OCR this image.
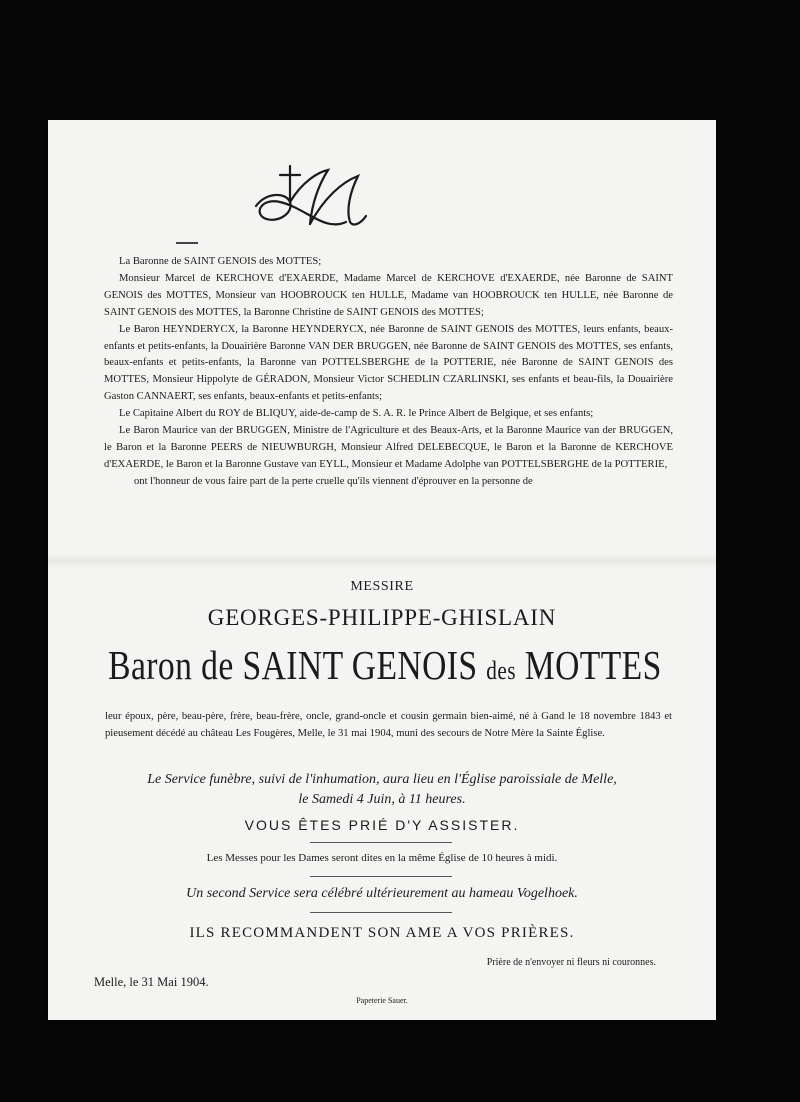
La Baronne de SAINT GENOIS des MOTTES;

Monsieur Marcel de KERCHOVE d'EXAERDE, Madame Marcel de KERCHOVE d'EXAERDE, née Baronne de SAINT GENOIS des MOTTES, Monsieur van HOOBROUCK ten HULLE, Madame van HOOBROUCK ten HULLE, née Baronne de SAINT GENOIS des MOTTES, la Baronne Christine de SAINT GENOIS des MOTTES;

Le Baron HEYNDERYCX, la Baronne HEYNDERYCX, née Baronne de SAINT GENOIS des MOTTES, leurs enfants, beaux-enfants et petits-enfants, la Douairière Baronne VAN DER BRUGGEN, née Baronne de SAINT GENOIS des MOTTES, ses enfants, beaux-enfants et petits-enfants, la Baronne van POTTELSBERGHE de la POTTERIE, née Baronne de SAINT GENOIS des MOTTES, Monsieur Hippolyte de GÉRADON, Monsieur Victor SCHEDLIN CZARLINSKI, ses enfants et beau-fils, la Douairière Gaston CANNAERT, ses enfants, beaux-enfants et petits-enfants;

Le Capitaine Albert du ROY de BLIQUY, aide-de-camp de S. A. R. le Prince Albert de Belgique, et ses enfants;

Le Baron Maurice van der BRUGGEN, Ministre de l'Agriculture et des Beaux-Arts, et la Baronne Maurice van der BRUGGEN, le Baron et la Baronne PEERS de NIEUWBURGH, Monsieur Alfred DELEBECQUE, le Baron et la Baronne de KERCHOVE d'EXAERDE, le Baron et la Baronne Gustave van EYLL, Monsieur et Madame Adolphe van POTTELSBERGHE de la POTTERIE,

ont l'honneur de vous faire part de la perte cruelle qu'ils viennent d'éprouver en la personne de

MESSIRE
GEORGES-PHILIPPE-GHISLAIN
Baron de SAINT GENOIS des MOTTES

leur époux, père, beau-père, frère, beau-frère, oncle, grand-oncle et cousin germain bien-aimé, né à Gand le 18 novembre 1843 et pieusement décédé au château Les Fougères, Melle, le 31 mai 1904, muni des secours de Notre Mère la Sainte Église.

Le Service funèbre, suivi de l'inhumation, aura lieu en l'Église paroissiale de Melle,
le Samedi 4 Juin, à 11 heures.
VOUS ÊTES PRIÉ D'Y ASSISTER.
Les Messes pour les Dames seront dites en la même Église de 10 heures à midi.
Un second Service sera célébré ultérieurement au hameau Vogelhoek.
ILS RECOMMANDENT SON AME A VOS PRIÈRES.
Prière de n'envoyer ni fleurs ni couronnes.
Melle, le 31 Mai 1904.
Papeterie Sauer.
